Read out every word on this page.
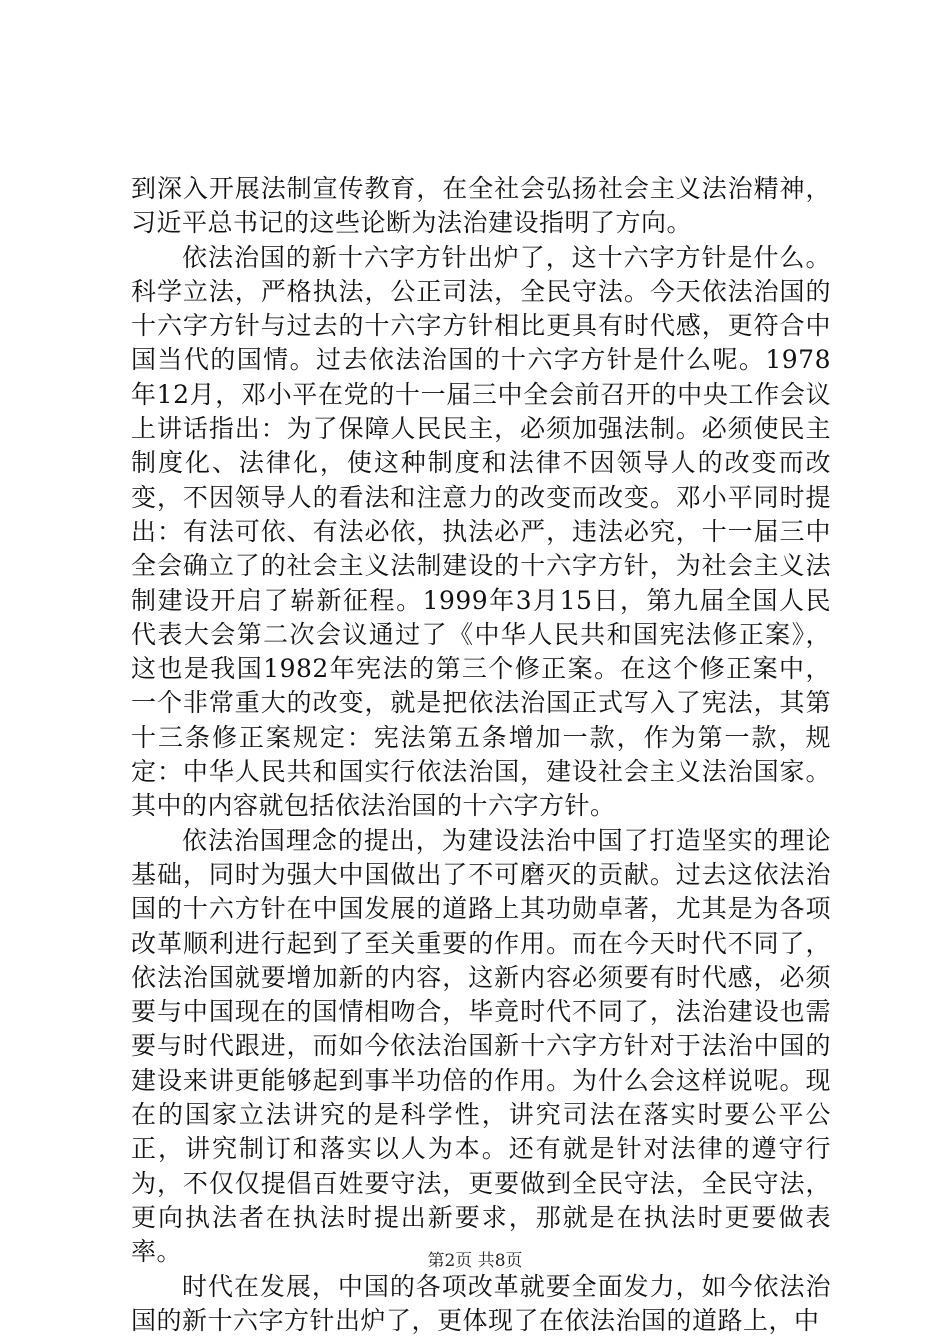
到深入开展法制宣传教育，在全社会弘扬社会主义法治精神，习近平总书记的这些论断为法治建设指明了方向。

依法治国的新十六字方针出炉了，这十六字方针是什么。科学立法，严格执法，公正司法，全民守法。今天依法治国的十六字方针与过去的十六字方针相比更具有时代感，更符合中国当代的国情。过去依法治国的十六字方针是什么呢。1978年12月，邓小平在党的十一届三中全会前召开的中央工作会议上讲话指出：为了保障人民民主，必须加强法制。必须使民主制度化、法律化，使这种制度和法律不因领导人的改变而改变，不因领导人的看法和注意力的改变而改变。邓小平同时提出：有法可依、有法必依，执法必严，违法必究，十一届三中全会确立了的社会主义法制建设的十六字方针，为社会主义法制建设开启了崭新征程。1999年3月15日，第九届全国人民代表大会第二次会议通过了《中华人民共和国宪法修正案》，这也是我国1982年宪法的第三个修正案。在这个修正案中，一个非常重大的改变，就是把依法治国正式写入了宪法，其第十三条修正案规定：宪法第五条增加一款，作为第一款，规定：中华人民共和国实行依法治国，建设社会主义法治国家。其中的内容就包括依法治国的十六字方针。

依法治国理念的提出，为建设法治中国了打造坚实的理论基础，同时为强大中国做出了不可磨灭的贡献。过去这依法治国的十六方针在中国发展的道路上其功勋卓著，尤其是为各项改革顺利进行起到了至关重要的作用。而在今天时代不同了，依法治国就要增加新的内容，这新内容必须要有时代感，必须要与中国现在的国情相吻合，毕竟时代不同了，法治建设也需要与时代跟进，而如今依法治国新十六字方针对于法治中国的建设来讲更能够起到事半功倍的作用。为什么会这样说呢。现在的国家立法讲究的是科学性，讲究司法在落实时要公平公正，讲究制订和落实以人为本。还有就是针对法律的遵守行为，不仅仅提倡百姓要守法，更要做到全民守法，全民守法，更向执法者在执法时提出新要求，那就是在执法时更要做表率。

时代在发展，中国的各项改革就要全面发力，如今依法治国的新十六字方针出炉了，更体现了在依法治国的道路上，中

第2页 共8页
